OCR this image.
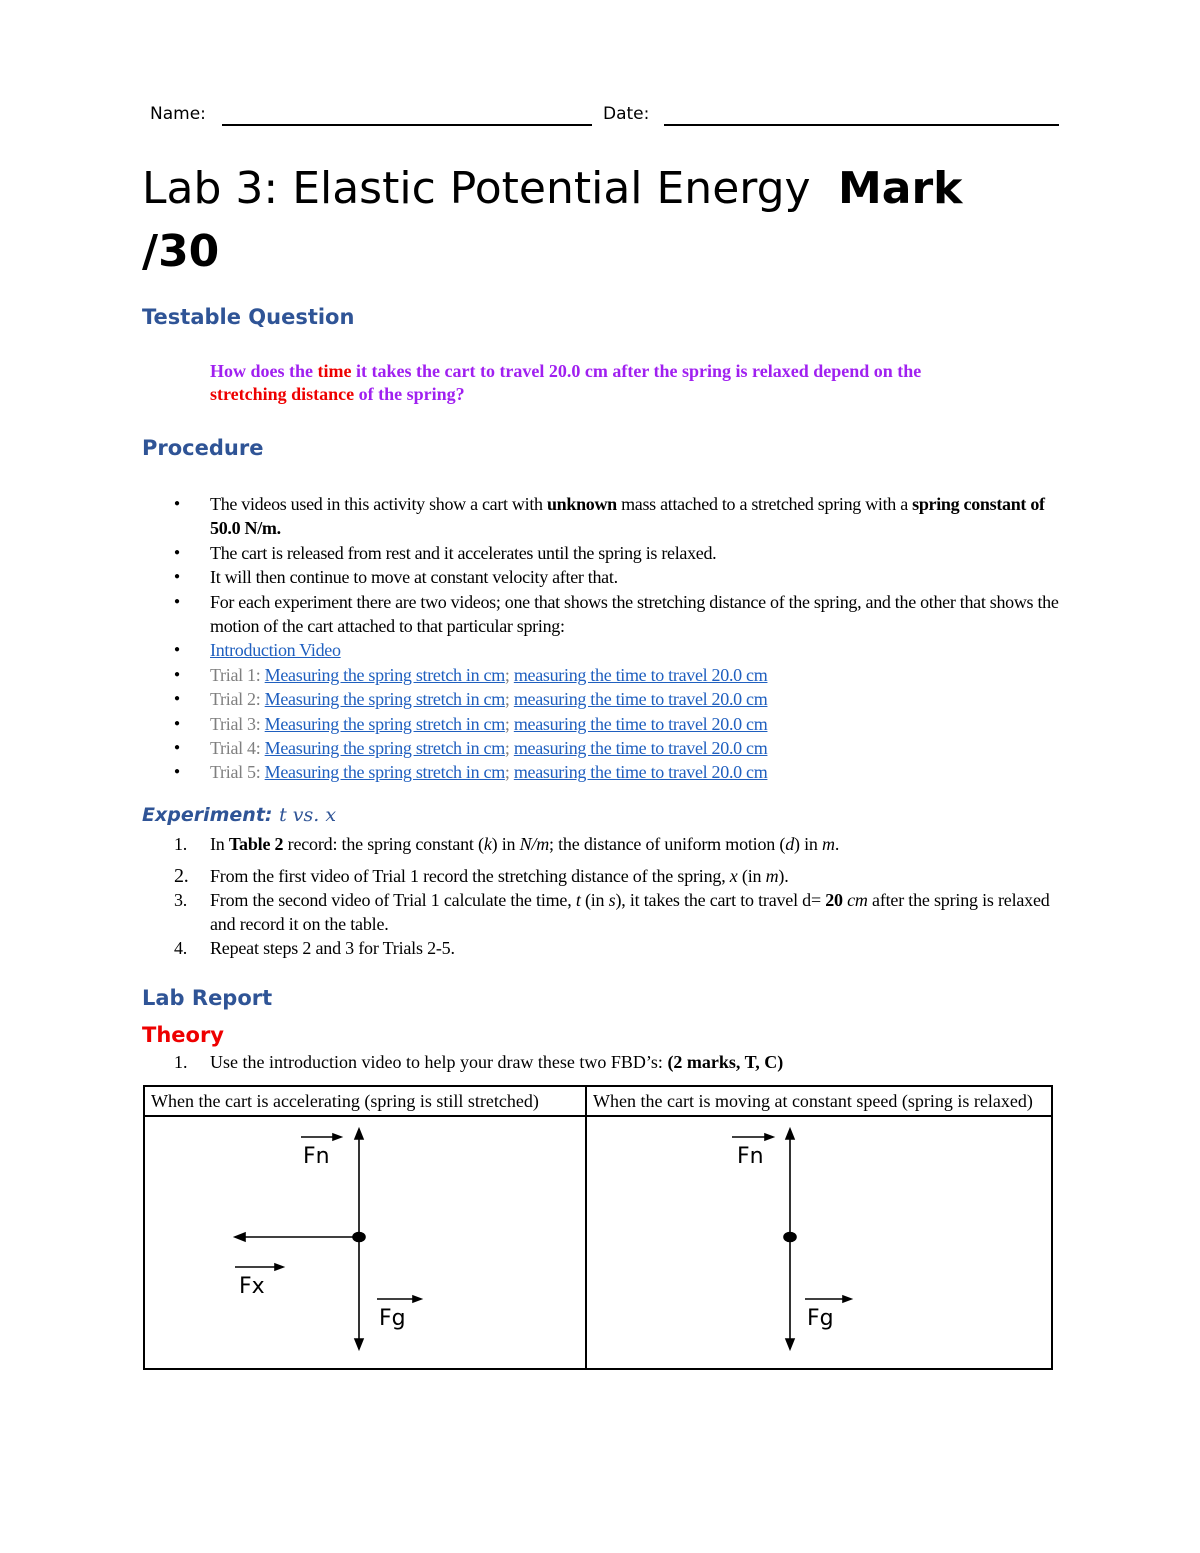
Name:	Date:
Lab 3: Elastic Potential Energy Mark
/30
Testable Question
How does the time it takes the cart to travel 20.0 cm after the spring is relaxed depend on the
stretching distance of the spring?
Procedure
● The videos used in this activity show a cart with unknown mass attached to a stretched spring with a spring constant of 50.0 N/m.
● The cart is released from rest and it accelerates until the spring is relaxed.
● It will then continue to move at constant velocity after that.
● For each experiment there are two videos; one that shows the stretching distance of the spring, and the other that shows the motion of the cart attached to that particular spring:
● Introduction Video
● Trial 1: Measuring the spring stretch in cm; measuring the time to travel 20.0 cm
● Trial 2: Measuring the spring stretch in cm; measuring the time to travel 20.0 cm
● Trial 3: Measuring the spring stretch in cm; measuring the time to travel 20.0 cm
● Trial 4: Measuring the spring stretch in cm; measuring the time to travel 20.0 cm
● Trial 5: Measuring the spring stretch in cm; measuring the time to travel 20.0 cm
Experiment: t vs. x
1. In Table 2 record: the spring constant (k) in N/m; the distance of uniform motion (d) in m.
2. From the first video of Trial 1 record the stretching distance of the spring, x (in m).
3. From the second video of Trial 1 calculate the time, t (in s), it takes the cart to travel d= 20 cm after the spring is relaxed and record it on the table.
4. Repeat steps 2 and 3 for Trials 2-5.
Lab Report
Theory
1. Use the introduction video to help your draw these two FBD’s: (2 marks, T, C)
When the cart is accelerating (spring is still stretched)	When the cart is moving at constant speed (spring is relaxed)

Fn
Fx
Fg	Fn
Fg
